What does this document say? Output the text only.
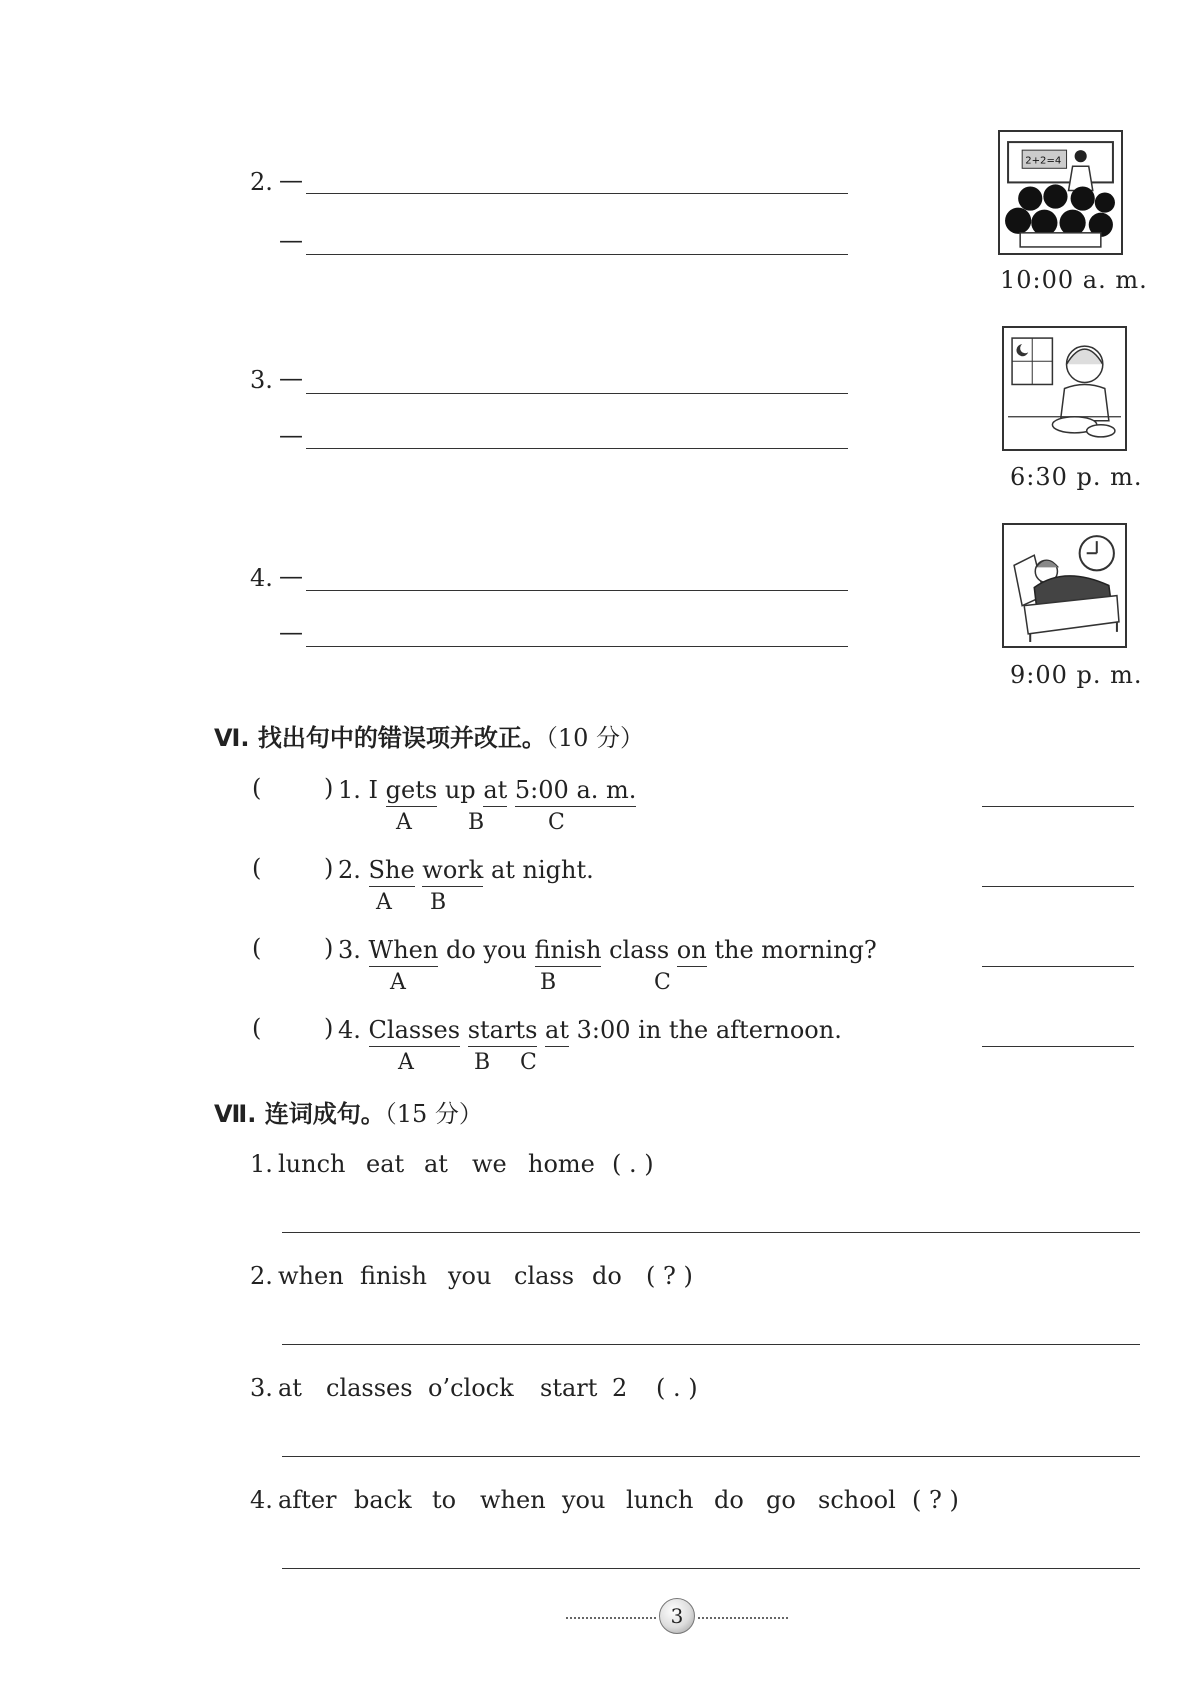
2. —
—
2+2=4
10:00 a. m.
3. —
—
6:30 p. m.
4. —
—
9:00 p. m.
Ⅵ. 找出句中的错误项并改正。（10 分）
(	) 1. I gets up at 5:00 a. m.
A	B	C
(	) 2. She work at night.
A B
(	) 3. When do you finish class on the morning?
A	B	C
(	) 4. Classes starts at 3:00 in the afternoon.
A	B C
Ⅶ. 连词成句。（15 分）
1. lunch eat at we home ( . )
2. when finish you class do ( ? )
3. at classes o’clock start 2 ( . )
4. after back to when you lunch do go school ( ? )
3
